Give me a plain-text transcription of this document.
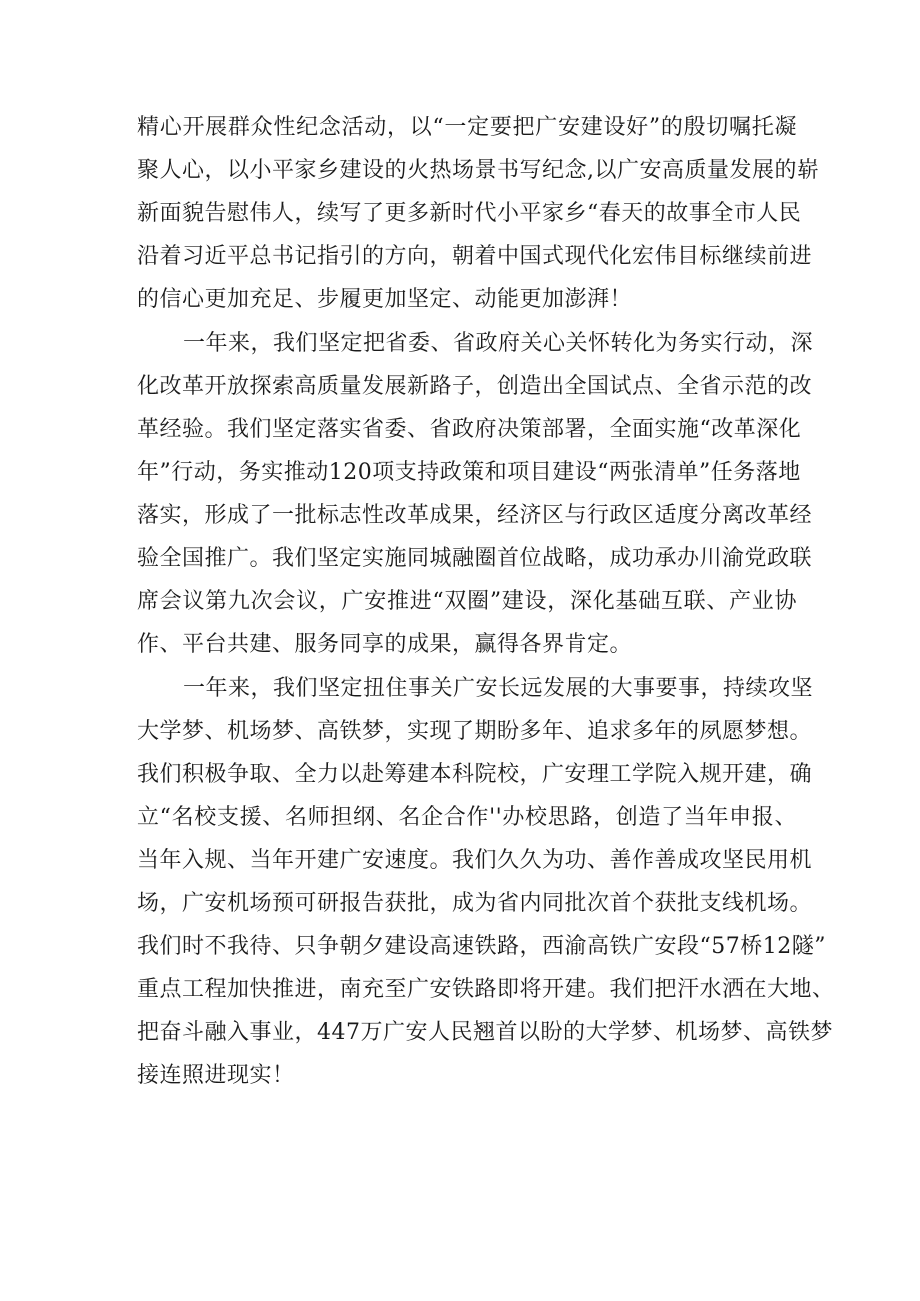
精心开展群众性纪念活动，以“一定要把广安建设好”的殷切嘱托凝
聚人心，以小平家乡建设的火热场景书写纪念,以广安高质量发展的崭
新面貌告慰伟人，续写了更多新时代小平家乡“春天的故事全市人民
沿着习近平总书记指引的方向，朝着中国式现代化宏伟目标继续前进
的信心更加充足、步履更加坚定、动能更加澎湃！
一年来，我们坚定把省委、省政府关心关怀转化为务实行动，深
化改革开放探索高质量发展新路子，创造出全国试点、全省示范的改
革经验。我们坚定落实省委、省政府决策部署，全面实施“改革深化
年”行动，务实推动120项支持政策和项目建设“两张清单”任务落地
落实，形成了一批标志性改革成果，经济区与行政区适度分离改革经
验全国推广。我们坚定实施同城融圈首位战略，成功承办川渝党政联
席会议第九次会议，广安推进“双圈”建设，深化基础互联、产业协
作、平台共建、服务同享的成果，赢得各界肯定。
一年来，我们坚定扭住事关广安长远发展的大事要事，持续攻坚
大学梦、机场梦、高铁梦，实现了期盼多年、追求多年的夙愿梦想。
我们积极争取、全力以赴筹建本科院校，广安理工学院入规开建，确
立“名校支援、名师担纲、名企合作''办校思路，创造了当年申报、
当年入规、当年开建广安速度。我们久久为功、善作善成攻坚民用机
场，广安机场预可研报告获批，成为省内同批次首个获批支线机场。
我们时不我待、只争朝夕建设高速铁路，西渝高铁广安段“57桥12隧”
重点工程加快推进，南充至广安铁路即将开建。我们把汗水洒在大地、
把奋斗融入事业，447万广安人民翘首以盼的大学梦、机场梦、高铁梦
接连照进现实！
